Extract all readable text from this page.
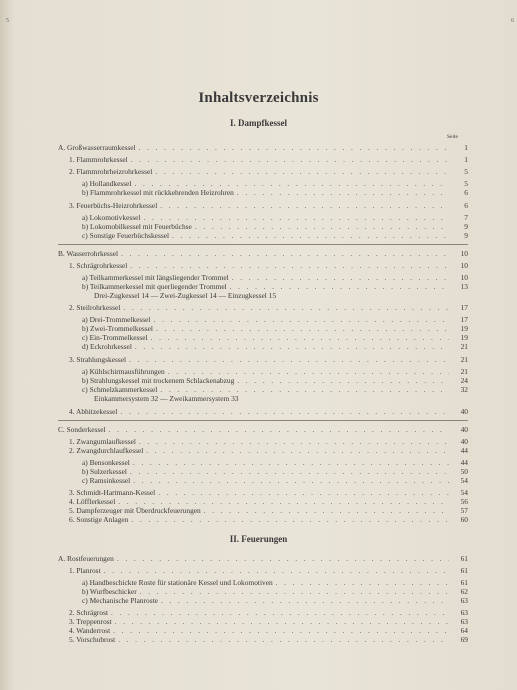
5	6
Inhaltsverzeichnis
I. Dampfkessel
Seite
A. Großwasserraumkessel . . .	1
1. Flammrohrkessel . . .	1
2. Flammrohrheizrohrkessel . . .	5
a) Hollandkessel . . .	5
b) Flammrohrkessel mit rückkehrenden Heizrohren . . .	6
3. Feuerbüchs-Heizrohrkessel . . .	6
a) Lokomotivkessel . . .	7
b) Lokomobilkessel mit Feuerbüchse . . .	9
c) Sonstige Feuerbüchskessel . . .	9
B. Wasserrohrkessel . . .	10
1. Schrägrohrkessel . . .	10
a) Teilkammerkessel mit längsliegender Trommel . . .	10
b) Teilkammerkessel mit querliegender Trommel . . .	13
Drei-Zugkessel 14 — Zwei-Zugkessel 14 — Einzugkessel 15
2. Steilrohrkessel . . .	17
a) Drei-Trommelkessel . . .	17
b) Zwei-Trommelkessel . . .	19
c) Ein-Trommelkessel . . .	19
d) Eckrohrkessel . . .	21
3. Strahlungskessel . . .	21
a) Kühlschirmausführungen . . .	21
b) Strahlungskessel mit trockenem Schlackenabzug . . .	24
c) Schmelzkammerkessel . . .	32
Einkammersystem 32 — Zweikammersystem 33
4. Abhitzekessel . . .	40
C. Sonderkessel . . .	40
1. Zwangumlaufkessel . . .	40
2. Zwangdurchlaufkessel . . .	44
a) Bensonkessel . . .	44
b) Sulzerkessel . . .	50
c) Ramsinkessel . . .	54
3. Schmidt-Hartmann-Kessel . . .	54
4. Löfflerkessel . . .	56
5. Dampferzeuger mit Überdruckfeuerungen . . .	57
6. Sonstige Anlagen . . .	60
II. Feuerungen
A. Rostfeuerungen . . .	61
1. Planrost . . .	61
a) Handbeschickte Roste für stationäre Kessel und Lokomotiven . . .	61
b) Wurfbeschicker . . .	62
c) Mechanische Planroste . . .	63
2. Schrägrost . . .	63
3. Treppenrost . . .	63
4. Wanderrost . . .	64
5. Vorschubrost . . .	69
